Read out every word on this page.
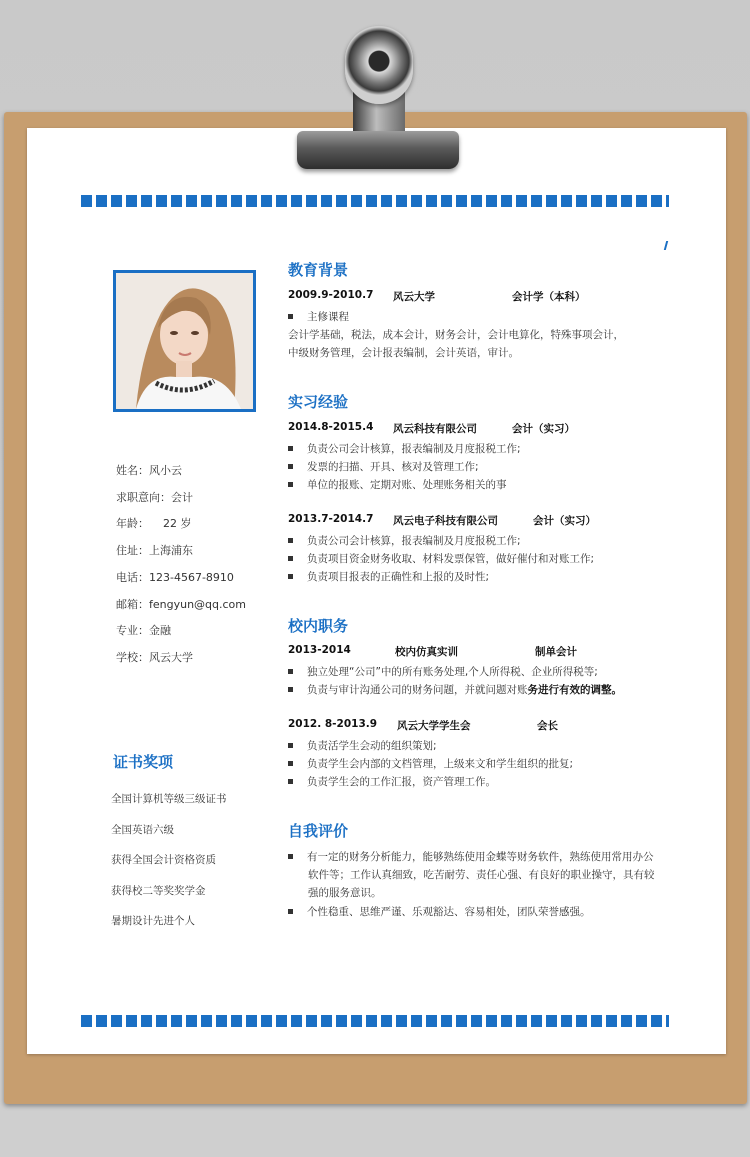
姓名：风小云
求职意向：会计
年龄：    22 岁
住址：上海浦东
电话：123-4567-8910
邮箱：fengyun@qq.com
专业：金融
学校：风云大学
证书奖项
全国计算机等级三级证书
全国英语六级
获得全国会计资格资质
获得校二等奖奖学金
暑期设计先进个人
教育背景
2009.9-2010.7 风云大学	会计学（本科）
主修课程
会计学基础，税法，成本会计，财务会计，会计电算化，特殊事项会计，
中级财务管理，会计报表编制，会计英语，审计。
实习经验
2014.8-2015.4 风云科技有限公司	会计（实习）
负责公司会计核算，报表编制及月度报税工作;
发票的扫描、开具、核对及管理工作;
单位的报账、定期对账、处理账务相关的事
2013.7-2014.7 风云电子科技有限公司	会计（实习）
负责公司会计核算，报表编制及月度报税工作;
负责项目资金财务收取、材料发票保管，做好催付和对账工作;
负责项目报表的正确性和上报的及时性;
校内职务
2013-2014	校内仿真实训	制单会计
独立处理“公司”中的所有账务处理,个人所得税、企业所得税等;
负责与审计沟通公司的财务问题，并就问题对账务进行有效的调整。
2012. 8-2013.9 风云大学学生会	会长
负责活学生会动的组织策划;
负责学生会内部的文档管理，上级来文和学生组织的批复;
负责学生会的工作汇报，资产管理工作。
自我评价
有一定的财务分析能力，能够熟练使用金蝶等财务软件，熟练使用常用办公
软件等；工作认真细致，吃苦耐劳、责任心强、有良好的职业操守，具有较
强的服务意识。
个性稳重、思维严谨、乐观豁达、容易相处，团队荣誉感强。
